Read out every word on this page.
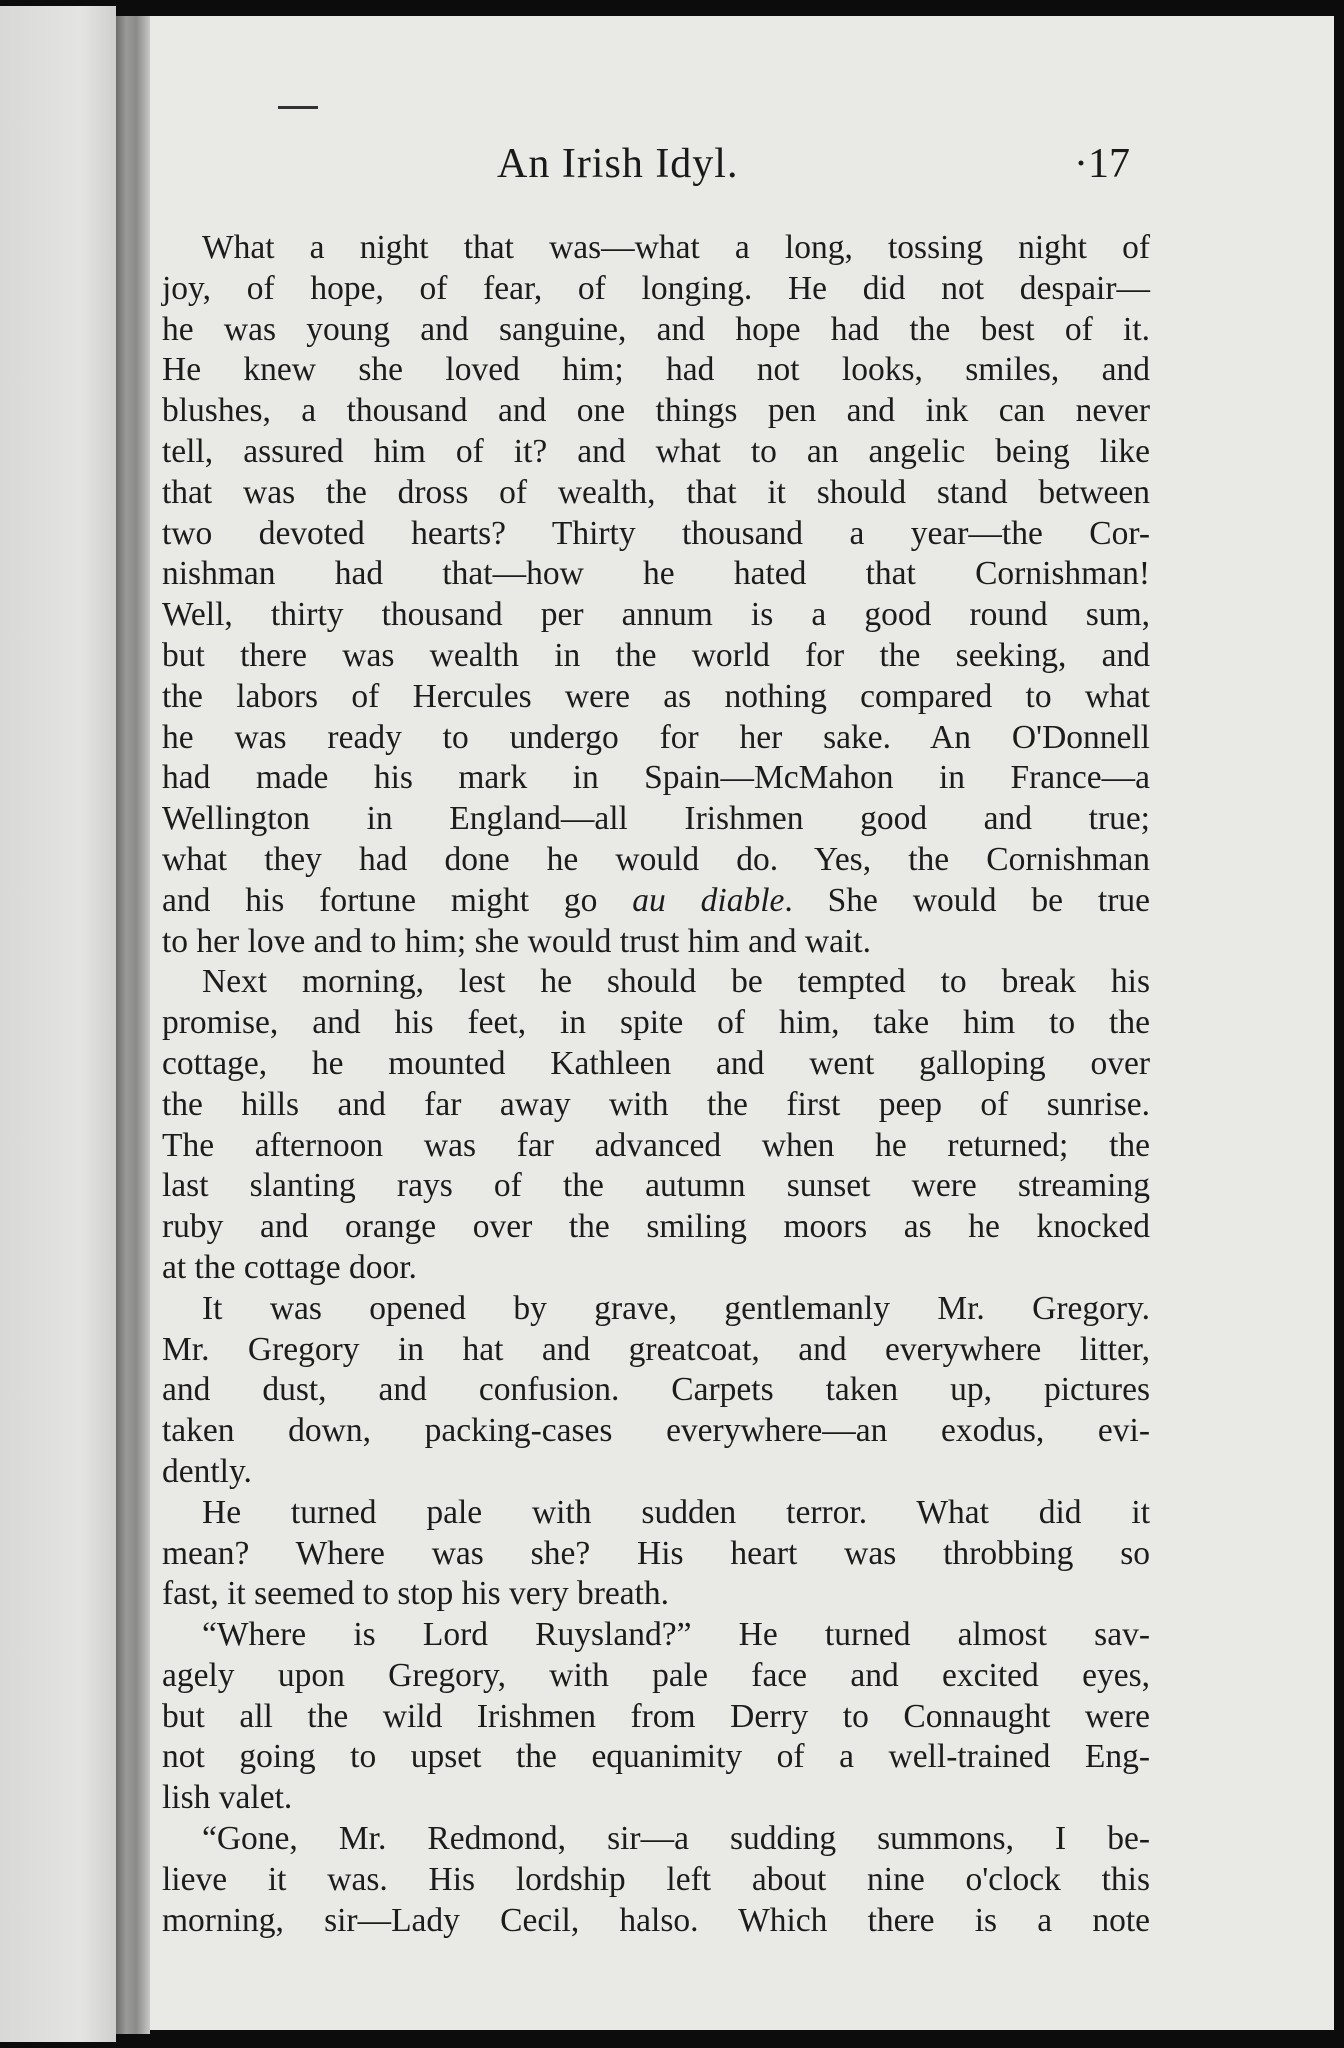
An Irish Idyl.	·17

What a night that was—what a long, tossing night of
joy, of hope, of fear, of longing. He did not despair—
he was young and sanguine, and hope had the best of it.
He knew she loved him; had not looks, smiles, and
blushes, a thousand and one things pen and ink can never
tell, assured him of it? and what to an angelic being like
that was the dross of wealth, that it should stand between
two devoted hearts? Thirty thousand a year—the Cor-
nishman had that—how he hated that Cornishman!
Well, thirty thousand per annum is a good round sum,
but there was wealth in the world for the seeking, and
the labors of Hercules were as nothing compared to what
he was ready to undergo for her sake. An O'Donnell
had made his mark in Spain—McMahon in France—a
Wellington in England—all Irishmen good and true;
what they had done he would do. Yes, the Cornishman
and his fortune might go au diable. She would be true
to her love and to him; she would trust him and wait.

Next morning, lest he should be tempted to break his
promise, and his feet, in spite of him, take him to the
cottage, he mounted Kathleen and went galloping over
the hills and far away with the first peep of sunrise.
The afternoon was far advanced when he returned; the
last slanting rays of the autumn sunset were streaming
ruby and orange over the smiling moors as he knocked
at the cottage door.

It was opened by grave, gentlemanly Mr. Gregory.
Mr. Gregory in hat and greatcoat, and everywhere litter,
and dust, and confusion. Carpets taken up, pictures
taken down, packing-cases everywhere—an exodus, evi-
dently.

He turned pale with sudden terror. What did it
mean? Where was she? His heart was throbbing so
fast, it seemed to stop his very breath.

“Where is Lord Ruysland?” He turned almost sav-
agely upon Gregory, with pale face and excited eyes,
but all the wild Irishmen from Derry to Connaught were
not going to upset the equanimity of a well-trained Eng-
lish valet.

“Gone, Mr. Redmond, sir—a sudding summons, I be-
lieve it was. His lordship left about nine o'clock this
morning, sir—Lady Cecil, halso. Which there is a note
